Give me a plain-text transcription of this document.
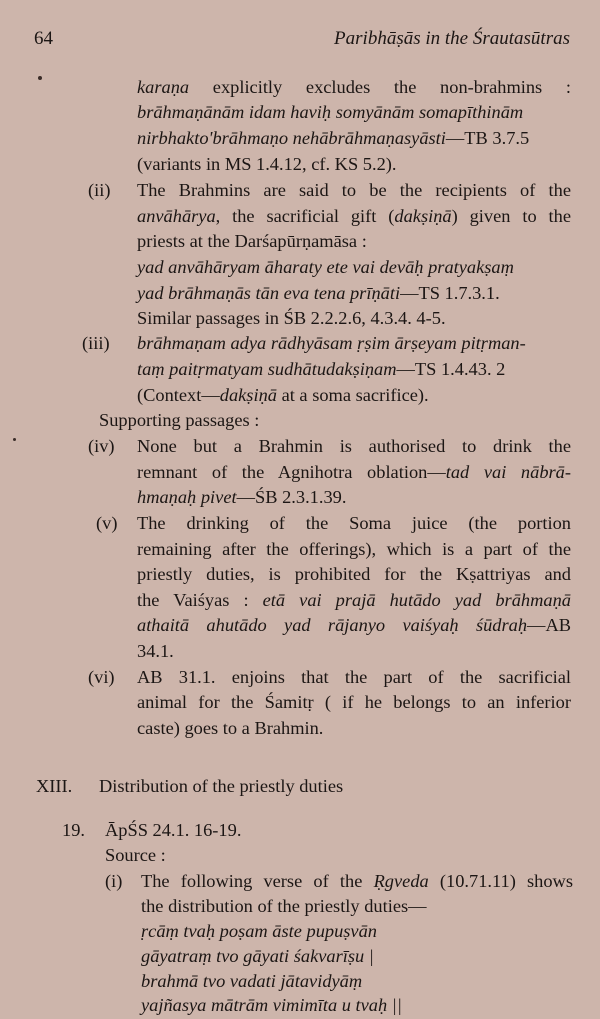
64	Paribhāṣās in the Śrautasūtras
karaṇa explicitly excludes the non-brahmins :
brāhmaṇānām idam haviḥ somyānām somapīthinām
nirbhakto'brāhmaṇo nehābrāhmaṇasyāsti—TB 3.7.5
(variants in MS 1.4.12, cf. KS 5.2).
(ii) The Brahmins are said to be the recipients of the
anvāhārya, the sacrificial gift (dakṣiṇā) given to the
priests at the Darśapūrṇamāsa :
yad anvāhāryam āharaty ete vai devāḥ pratyakṣaṃ
yad brāhmaṇās tān eva tena prīṇāti—TS 1.7.3.1.
Similar passages in ŚB 2.2.2.6, 4.3.4. 4-5.
(iii) brāhmaṇam adya rādhyāsam ṛṣim ārṣeyam pitṛman-
taṃ paitṛmatyam sudhātudakṣiṇam—TS 1.4.43. 2
(Context—dakṣiṇā at a soma sacrifice).
Supporting passages :
(iv) None but a Brahmin is authorised to drink the
remnant of the Agnihotra oblation—tad vai nābrā-
hmaṇaḥ pivet—ŚB 2.3.1.39.
(v) The drinking of the Soma juice (the portion
remaining after the offerings), which is a part of the
priestly duties, is prohibited for the Kṣattriyas and
the Vaiśyas : etā vai prajā hutādo yad brāhmaṇā
athaitā ahutādo yad rājanyo vaiśyaḥ śūdraḥ—AB
34.1.
(vi) AB 31.1. enjoins that the part of the sacrificial
animal for the Śamitṛ ( if he belongs to an inferior
caste) goes to a Brahmin.
XIII. Distribution of the priestly duties
19. ĀpŚS 24.1. 16-19.
Source :
(i) The following verse of the Ṛgveda (10.71.11) shows
the distribution of the priestly duties—
ṛcāṃ tvaḥ poṣam āste pupuṣvān
gāyatraṃ tvo gāyati śakvarīṣu |
brahmā tvo vadati jātavidyāṃ
yajñasya mātrām vimimīta u tvaḥ ||
